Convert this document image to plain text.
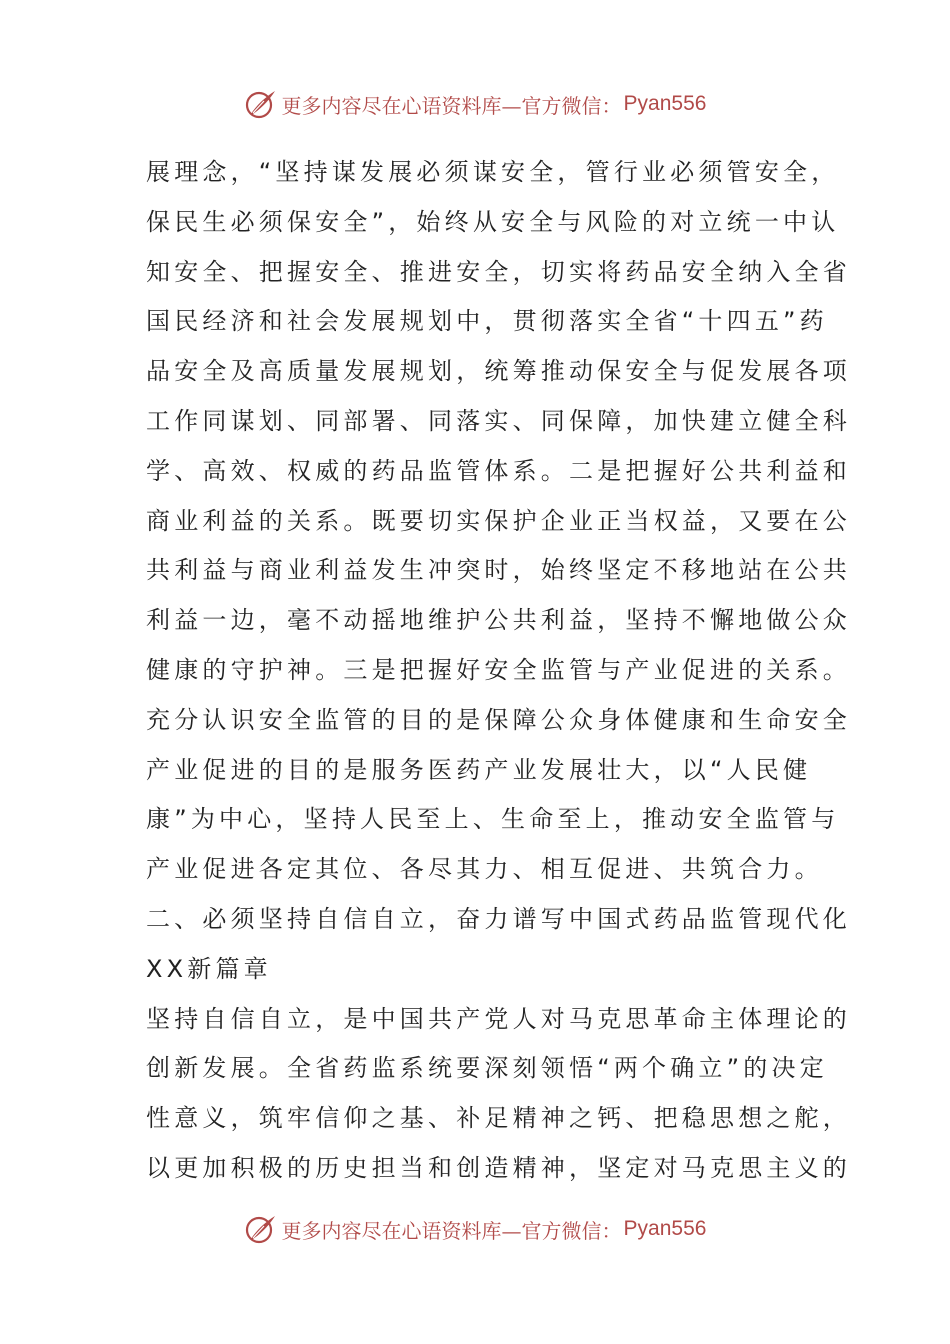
更多内容尽在心语资料库—官方微信： Pyan556
展理念，“坚持谋发展必须谋安全，管行业必须管安全，
保民生必须保安全”，始终从安全与风险的对立统一中认
知安全、把握安全、推进安全，切实将药品安全纳入全省
国民经济和社会发展规划中，贯彻落实全省“十四五”药
品安全及高质量发展规划，统筹推动保安全与促发展各项
工作同谋划、同部署、同落实、同保障，加快建立健全科
学、高效、权威的药品监管体系。二是把握好公共利益和
商业利益的关系。既要切实保护企业正当权益，又要在公
共利益与商业利益发生冲突时，始终坚定不移地站在公共
利益一边，毫不动摇地维护公共利益，坚持不懈地做公众
健康的守护神。三是把握好安全监管与产业促进的关系。
充分认识安全监管的目的是保障公众身体健康和生命安全
产业促进的目的是服务医药产业发展壮大，以“人民健
康”为中心，坚持人民至上、生命至上，推动安全监管与
产业促进各定其位、各尽其力、相互促进、共筑合力。
二、必须坚持自信自立，奋力谱写中国式药品监管现代化
XX新篇章
坚持自信自立，是中国共产党人对马克思革命主体理论的
创新发展。全省药监系统要深刻领悟“两个确立”的决定
性意义，筑牢信仰之基、补足精神之钙、把稳思想之舵，
以更加积极的历史担当和创造精神，坚定对马克思主义的
更多内容尽在心语资料库—官方微信： Pyan556
